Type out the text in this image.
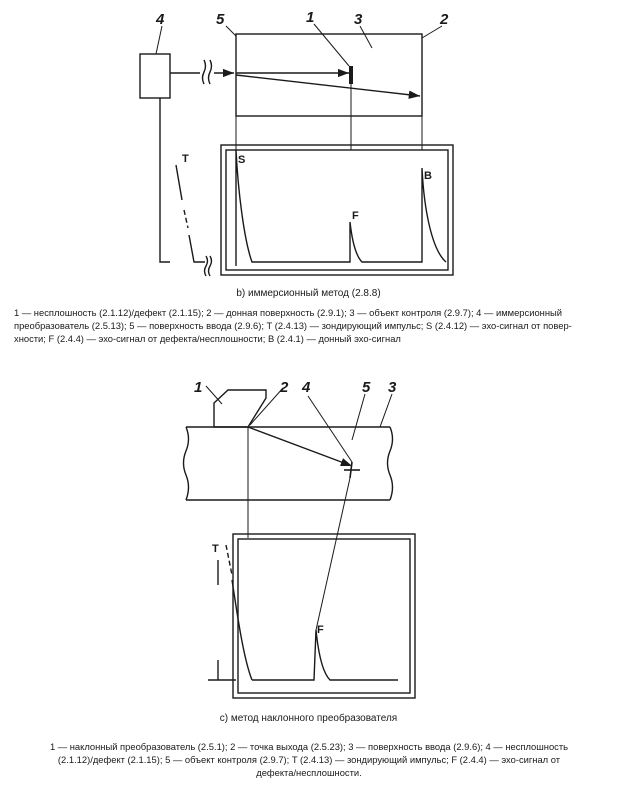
4	5	1	3	2
T	S
F
B
1	2 4	5 3
T
F
b) иммерсионный метод (2.8.8)
1 — несплошность (2.1.12)/дефект (2.1.15); 2 — донная поверхность (2.9.1); 3 — объект контроля (2.9.7); 4 — иммерсионный
преобразователь (2.5.13); 5 — поверхность ввода (2.9.6); T (2.4.13) — зондирующий импульс; S (2.4.12) — эхо-сигнал от повер-
хности; F (2.4.4) — эхо-сигнал от дефекта/несплошности; B (2.4.1) — донный эхо-сигнал
c) метод наклонного преобразователя
1 — наклонный преобразователь (2.5.1); 2 — точка выхода (2.5.23); 3 — поверхность ввода (2.9.6); 4 — несплошность
(2.1.12)/дефект (2.1.15); 5 — объект контроля (2.9.7); T (2.4.13) — зондирующий импульс; F (2.4.4) — эхо-сигнал от
дефекта/несплошности.
